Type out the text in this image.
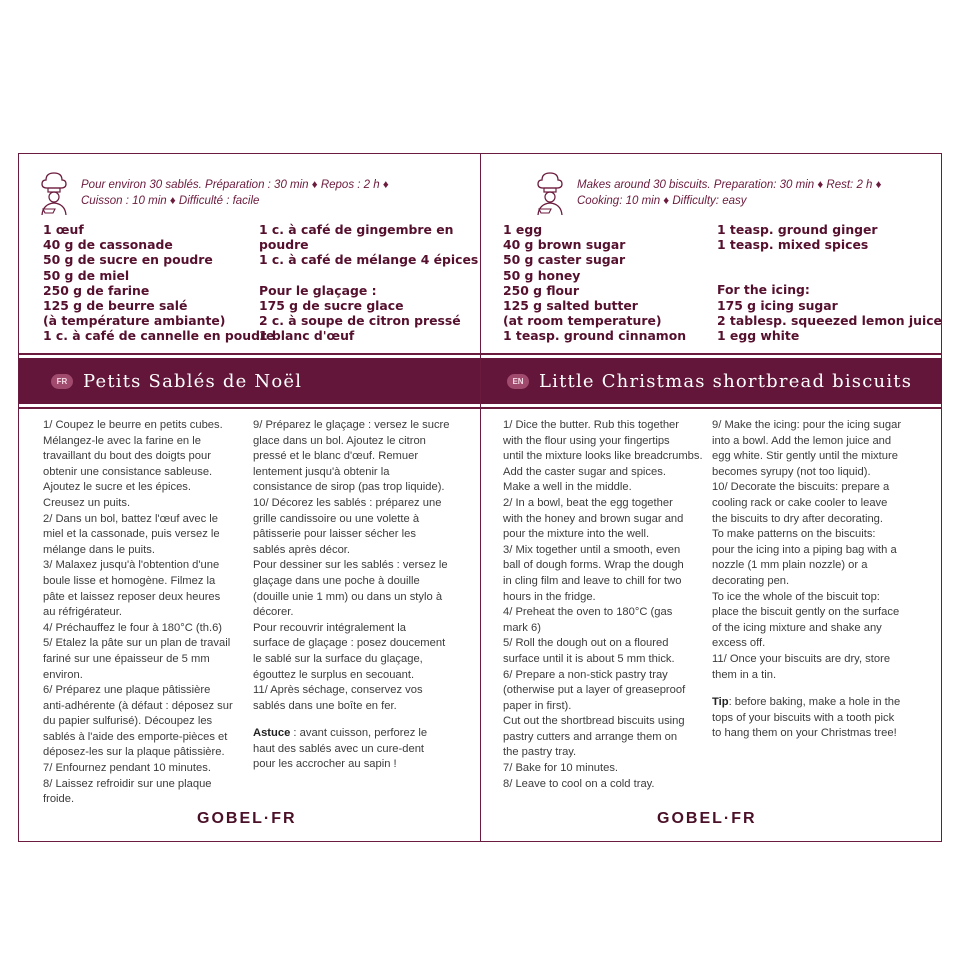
Pour environ 30 sablés. Préparation : 30 min ♦ Repos : 2 h ♦
Cuisson : 10 min ♦ Difficulté : facile
1 œuf
40 g de cassonade
50 g de sucre en poudre
50 g de miel
250 g de farine
125 g de beurre salé
(à température ambiante)
1 c. à café de cannelle en poudre
1 c. à café de gingembre en
poudre
1 c. à café de mélange 4 épices
Pour le glaçage :
175 g de sucre glace
2 c. à soupe de citron pressé
1 blanc d'œuf
FR Petits Sablés de Noël

1/ Coupez le beurre en petits cubes.

Mélangez-le avec la farine en le

travaillant du bout des doigts pour

obtenir une consistance sableuse.

Ajoutez le sucre et les épices.

Creusez un puits.

2/ Dans un bol, battez l'œuf avec le

miel et la cassonade, puis versez le

mélange dans le puits.

3/ Malaxez jusqu'à l'obtention d'une

boule lisse et homogène. Filmez la

pâte et laissez reposer deux heures

au réfrigérateur.

4/ Préchauffez le four à 180°C (th.6)

5/ Etalez la pâte sur un plan de travail

fariné sur une épaisseur de 5 mm

environ.

6/ Préparez une plaque pâtissière

anti-adhérente (à défaut : déposez sur

du papier sulfurisé). Découpez les

sablés à l'aide des emporte-pièces et

déposez-les sur la plaque pâtissière.

7/ Enfournez pendant 10 minutes.

8/ Laissez refroidir sur une plaque

froide.

9/ Préparez le glaçage : versez le sucre

glace dans un bol. Ajoutez le citron

pressé et le blanc d'œuf. Remuer

lentement jusqu'à obtenir la

consistance de sirop (pas trop liquide).

10/ Décorez les sablés : préparez une

grille candissoire ou une volette à

pâtisserie pour laisser sécher les

sablés après décor.

Pour dessiner sur les sablés : versez le

glaçage dans une poche à douille

(douille unie 1 mm) ou dans un stylo à

décorer.

Pour recouvrir intégralement la

surface de glaçage : posez doucement

le sablé sur la surface du glaçage,

égouttez le surplus en secouant.

11/ Après séchage, conservez vos

sablés dans une boîte en fer.

Astuce : avant cuisson, perforez le

haut des sablés avec un cure-dent

pour les accrocher au sapin !

GOBEL·FR
Makes around 30 biscuits. Preparation: 30 min ♦ Rest: 2 h ♦
Cooking: 10 min ♦ Difficulty: easy
1 egg
40 g brown sugar
50 g caster sugar
50 g honey
250 g flour
125 g salted butter
(at room temperature)
1 teasp. ground cinnamon
1 teasp. ground ginger
1 teasp. mixed spices
For the icing:
175 g icing sugar
2 tablesp. squeezed lemon juice
1 egg white
EN Little Christmas shortbread biscuits

1/ Dice the butter. Rub this together

with the flour using your fingertips

until the mixture looks like breadcrumbs.

Add the caster sugar and spices.

Make a well in the middle.

2/ In a bowl, beat the egg together

with the honey and brown sugar and

pour the mixture into the well.

3/ Mix together until a smooth, even

ball of dough forms. Wrap the dough

in cling film and leave to chill for two

hours in the fridge.

4/ Preheat the oven to 180°C (gas

mark 6)

5/ Roll the dough out on a floured

surface until it is about 5 mm thick.

6/ Prepare a non-stick pastry tray

(otherwise put a layer of greaseproof

paper in first).

Cut out the shortbread biscuits using

pastry cutters and arrange them on

the pastry tray.

7/ Bake for 10 minutes.

8/ Leave to cool on a cold tray.

9/ Make the icing: pour the icing sugar

into a bowl. Add the lemon juice and

egg white. Stir gently until the mixture

becomes syrupy (not too liquid).

10/ Decorate the biscuits: prepare a

cooling rack or cake cooler to leave

the biscuits to dry after decorating.

To make patterns on the biscuits:

pour the icing into a piping bag with a

nozzle (1 mm plain nozzle) or a

decorating pen.

To ice the whole of the biscuit top:

place the biscuit gently on the surface

of the icing mixture and shake any

excess off.

11/ Once your biscuits are dry, store

them in a tin.

Tip: before baking, make a hole in the

tops of your biscuits with a tooth pick

to hang them on your Christmas tree!

GOBEL·FR
